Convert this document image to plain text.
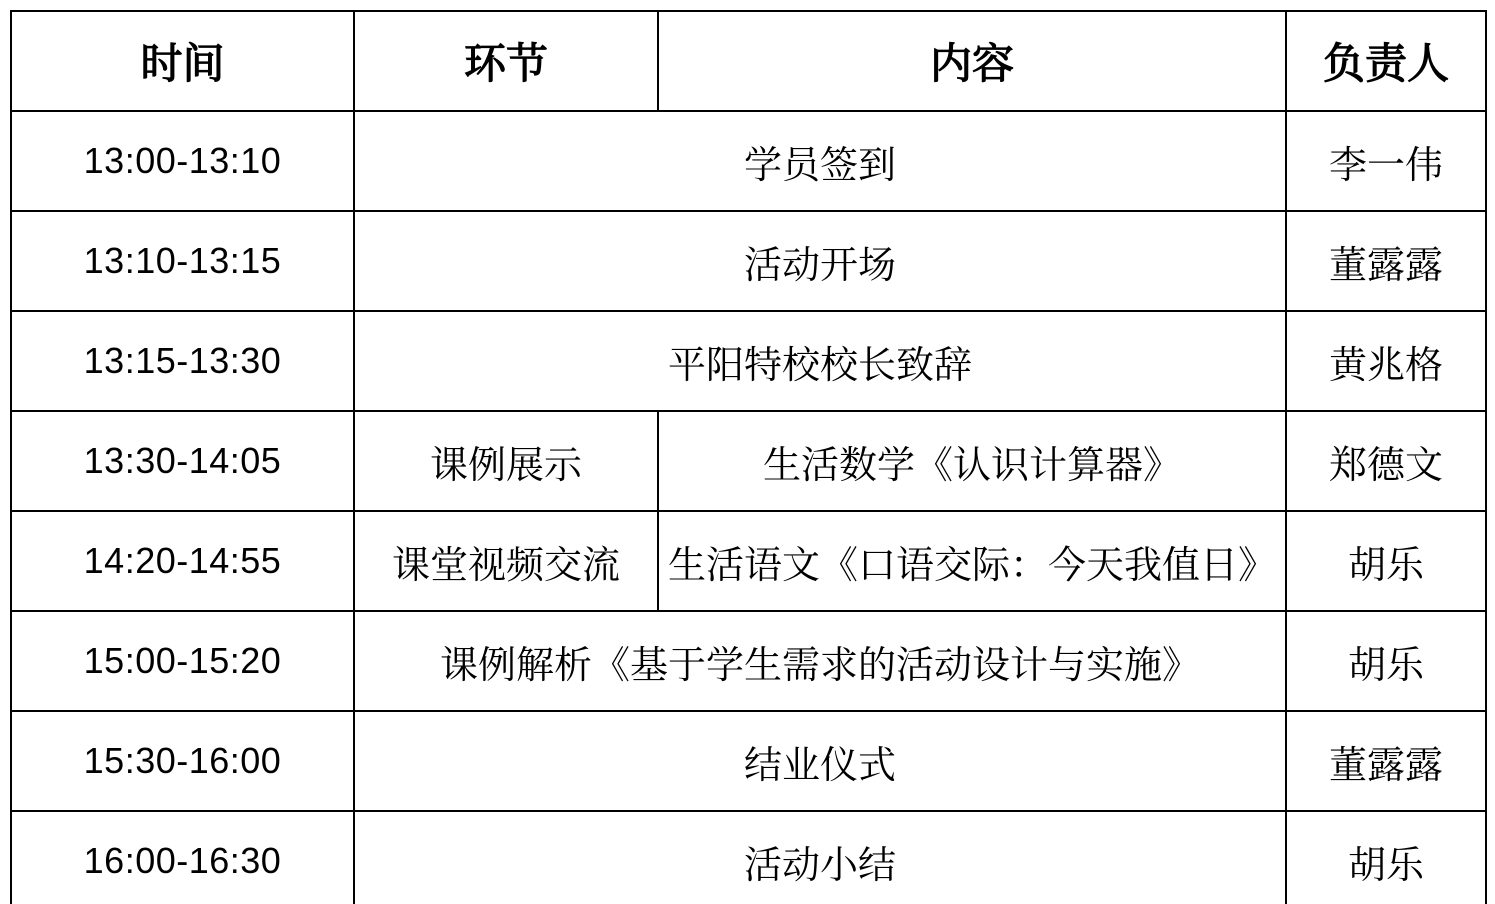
时间	环节	内容	负责人
13:00-13:10	学员签到		李一伟
13:10-13:15	活动开场		董露露
13:15-13:30	平阳特校校长致辞		黄兆格
13:30-14:05	课例展示	生活数学《认识计算器》	郑德文
14:20-14:55	课堂视频交流	生活语文《口语交际：今天我值日》	胡乐
15:00-15:20	课例解析《基于学生需求的活动设计与实施》		胡乐
15:30-16:00	结业仪式		董露露
16:00-16:30	活动小结		胡乐
